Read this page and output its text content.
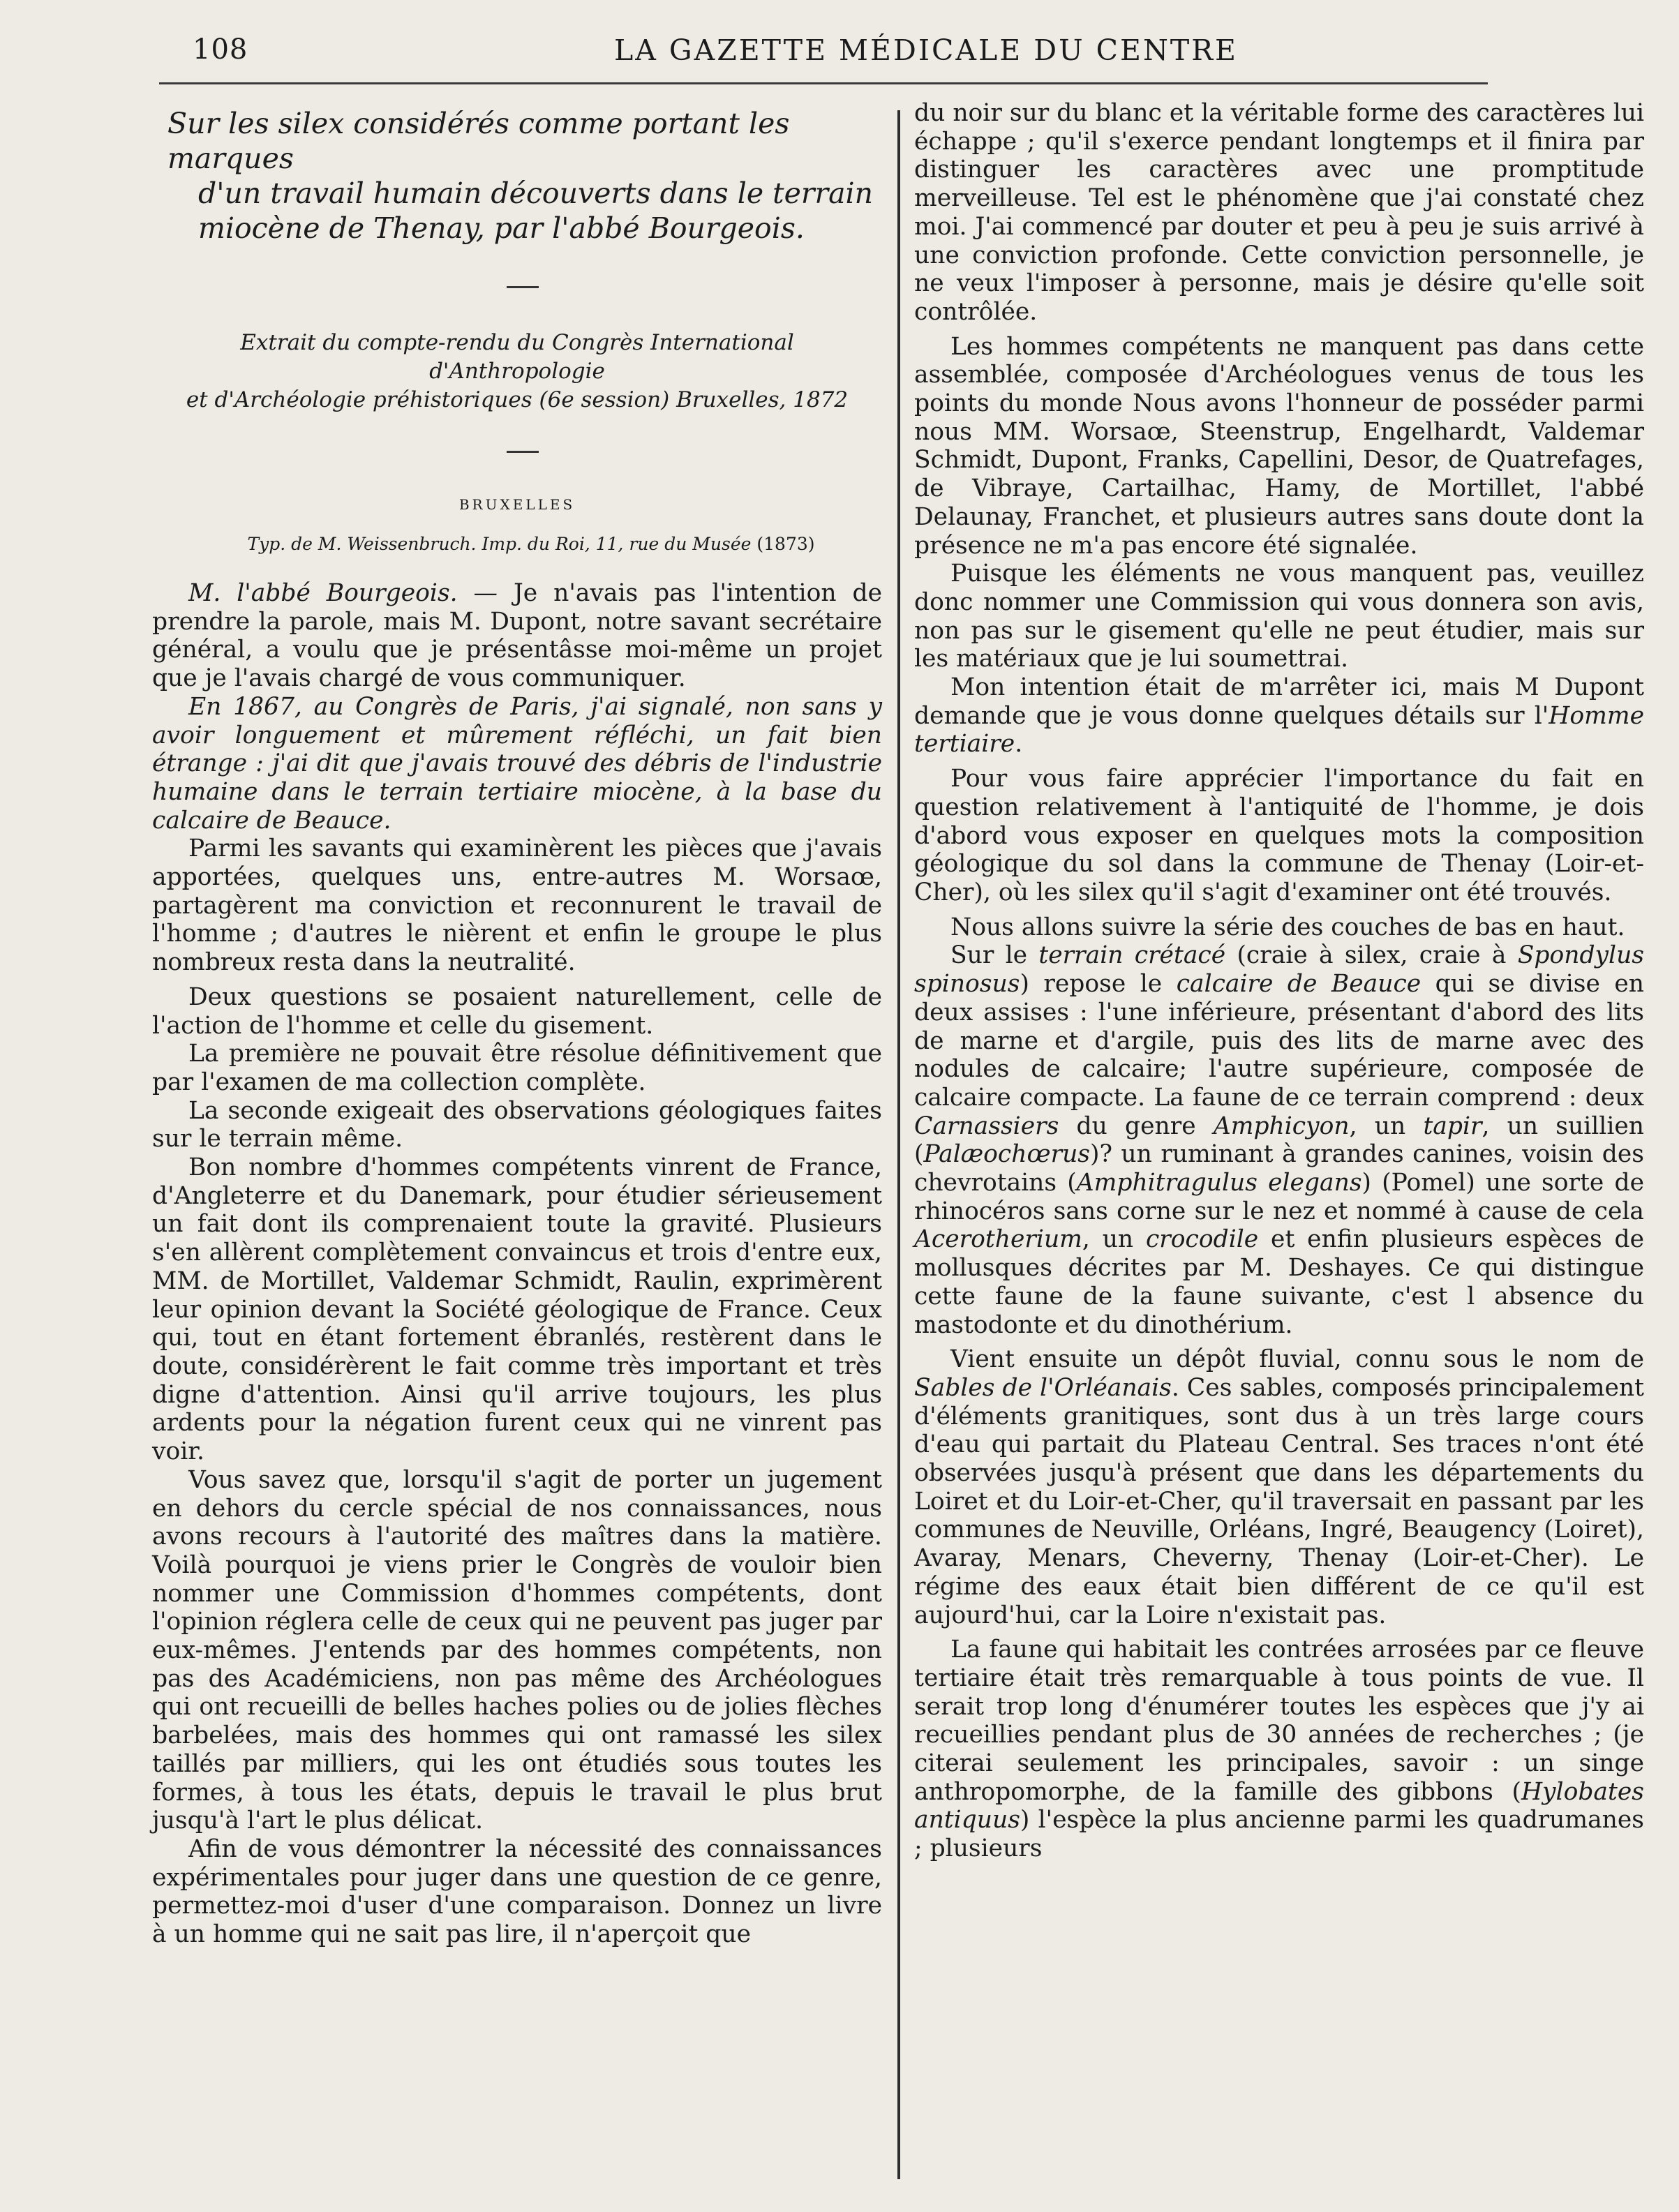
108	LA GAZETTE MÉDICALE DU CENTRE

Sur les silex considérés comme portant les marques

d'un travail humain découverts dans le terrain

miocène de Thenay, par l'abbé Bourgeois.

Extrait du compte-rendu du Congrès International d'Anthropologie

et d'Archéologie préhistoriques (6e session) Bruxelles, 1872

BRUXELLES
Typ. de M. Weissenbruch. Imp. du Roi, 11, rue du Musée (1873)

M. l'abbé Bourgeois. — Je n'avais pas l'intention de prendre la parole, mais M. Dupont, notre savant secrétaire général, a voulu que je présentâsse moi-même un projet que je l'avais chargé de vous communiquer.

En 1867, au Congrès de Paris, j'ai signalé, non sans y avoir longuement et mûrement réfléchi, un fait bien étrange : j'ai dit que j'avais trouvé des débris de l'industrie humaine dans le terrain tertiaire miocène, à la base du calcaire de Beauce.

Parmi les savants qui examinèrent les pièces que j'avais apportées, quelques uns, entre-autres M. Worsaœ, partagèrent ma conviction et reconnurent le travail de l'homme ; d'autres le nièrent et enfin le groupe le plus nombreux resta dans la neutralité.

Deux questions se posaient naturellement, celle de l'action de l'homme et celle du gisement.

La première ne pouvait être résolue définitivement que par l'examen de ma collection complète.

La seconde exigeait des observations géologiques faites sur le terrain même.

Bon nombre d'hommes compétents vinrent de France, d'Angleterre et du Danemark, pour étudier sérieusement un fait dont ils comprenaient toute la gravité. Plusieurs s'en allèrent complètement convaincus et trois d'entre eux, MM. de Mortillet, Valdemar Schmidt, Raulin, exprimèrent leur opinion devant la Société géologique de France. Ceux qui, tout en étant fortement ébranlés, restèrent dans le doute, considérèrent le fait comme très important et très digne d'attention. Ainsi qu'il arrive toujours, les plus ardents pour la négation furent ceux qui ne vinrent pas voir.

Vous savez que, lorsqu'il s'agit de porter un jugement en dehors du cercle spécial de nos connaissances, nous avons recours à l'autorité des maîtres dans la matière. Voilà pourquoi je viens prier le Congrès de vouloir bien nommer une Commission d'hommes compétents, dont l'opinion réglera celle de ceux qui ne peuvent pas juger par eux-mêmes. J'entends par des hommes compétents, non pas des Académiciens, non pas même des Archéologues qui ont recueilli de belles haches polies ou de jolies flèches barbelées, mais des hommes qui ont ramassé les silex taillés par milliers, qui les ont étudiés sous toutes les formes, à tous les états, depuis le travail le plus brut jusqu'à l'art le plus délicat.

Afin de vous démontrer la nécessité des connaissances expérimentales pour juger dans une question de ce genre, permettez-moi d'user d'une comparaison. Donnez un livre à un homme qui ne sait pas lire, il n'aperçoit que

du noir sur du blanc et la véritable forme des caractères lui échappe ; qu'il s'exerce pendant longtemps et il finira par distinguer les caractères avec une promptitude merveilleuse. Tel est le phénomène que j'ai constaté chez moi. J'ai commencé par douter et peu à peu je suis arrivé à une conviction profonde. Cette conviction personnelle, je ne veux l'imposer à personne, mais je désire qu'elle soit contrôlée.

Les hommes compétents ne manquent pas dans cette assemblée, composée d'Archéologues venus de tous les points du monde Nous avons l'honneur de posséder parmi nous MM. Worsaœ, Steenstrup, Engelhardt, Valdemar Schmidt, Dupont, Franks, Capellini, Desor, de Quatrefages, de Vibraye, Cartailhac, Hamy, de Mortillet, l'abbé Delaunay, Franchet, et plusieurs autres sans doute dont la présence ne m'a pas encore été signalée.

Puisque les éléments ne vous manquent pas, veuillez donc nommer une Commission qui vous donnera son avis, non pas sur le gisement qu'elle ne peut étudier, mais sur les matériaux que je lui soumettrai.

Mon intention était de m'arrêter ici, mais M Dupont demande que je vous donne quelques détails sur l'Homme tertiaire.

Pour vous faire apprécier l'importance du fait en question relativement à l'antiquité de l'homme, je dois d'abord vous exposer en quelques mots la composition géologique du sol dans la commune de Thenay (Loir-et-Cher), où les silex qu'il s'agit d'examiner ont été trouvés.

Nous allons suivre la série des couches de bas en haut.

Sur le terrain crétacé (craie à silex, craie à Spondylus spinosus) repose le calcaire de Beauce qui se divise en deux assises : l'une inférieure, présentant d'abord des lits de marne et d'argile, puis des lits de marne avec des nodules de calcaire; l'autre supérieure, composée de calcaire compacte. La faune de ce terrain comprend : deux Carnassiers du genre Amphicyon, un tapir, un suillien (Palæochœrus)? un ruminant à grandes canines, voisin des chevrotains (Amphitragulus elegans) (Pomel) une sorte de rhinocéros sans corne sur le nez et nommé à cause de cela Acerotherium, un crocodile et enfin plusieurs espèces de mollusques décrites par M. Deshayes. Ce qui distingue cette faune de la faune suivante, c'est l absence du mastodonte et du dinothérium.

Vient ensuite un dépôt fluvial, connu sous le nom de Sables de l'Orléanais. Ces sables, composés principalement d'éléments granitiques, sont dus à un très large cours d'eau qui partait du Plateau Central. Ses traces n'ont été observées jusqu'à présent que dans les départements du Loiret et du Loir-et-Cher, qu'il traversait en passant par les communes de Neuville, Orléans, Ingré, Beaugency (Loiret), Avaray, Menars, Cheverny, Thenay (Loir-et-Cher). Le régime des eaux était bien différent de ce qu'il est aujourd'hui, car la Loire n'existait pas.

La faune qui habitait les contrées arrosées par ce fleuve tertiaire était très remarquable à tous points de vue. Il serait trop long d'énumérer toutes les espèces que j'y ai recueillies pendant plus de 30 années de recherches ; (je citerai seulement les principales, savoir : un singe anthropomorphe, de la famille des gibbons (Hylobates antiquus) l'espèce la plus ancienne parmi les quadrumanes ; plusieurs
